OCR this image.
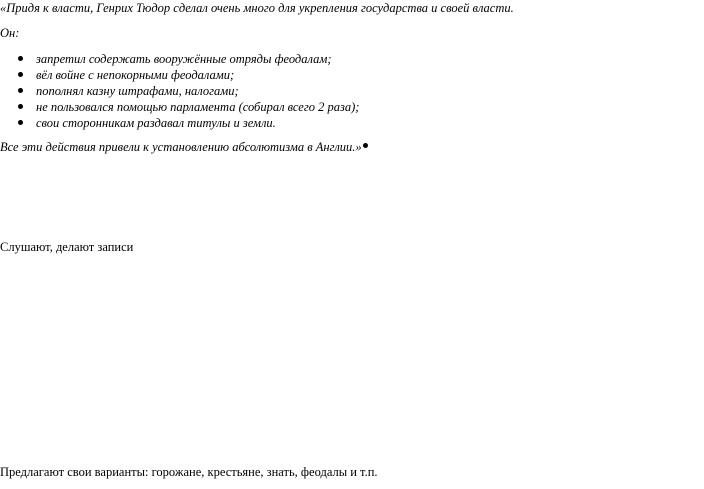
«Придя к власти, Генрих Тюдор сделал очень много для укрепления государства и своей власти.
Он:
запретил содержать вооружённые отряды феодалам;
вёл войне с непокорными феодалами;
пополнял казну штрафами, налогами;
не пользовался помощью парламента (собирал всего 2 раза);
свои сторонникам раздавал титулы и земли.
Все эти действия привели к установлению абсолютизма в Англии.»
Слушают, делают записи
Предлагают свои варианты: горожане, крестьяне, знать, феодалы и т.п.
